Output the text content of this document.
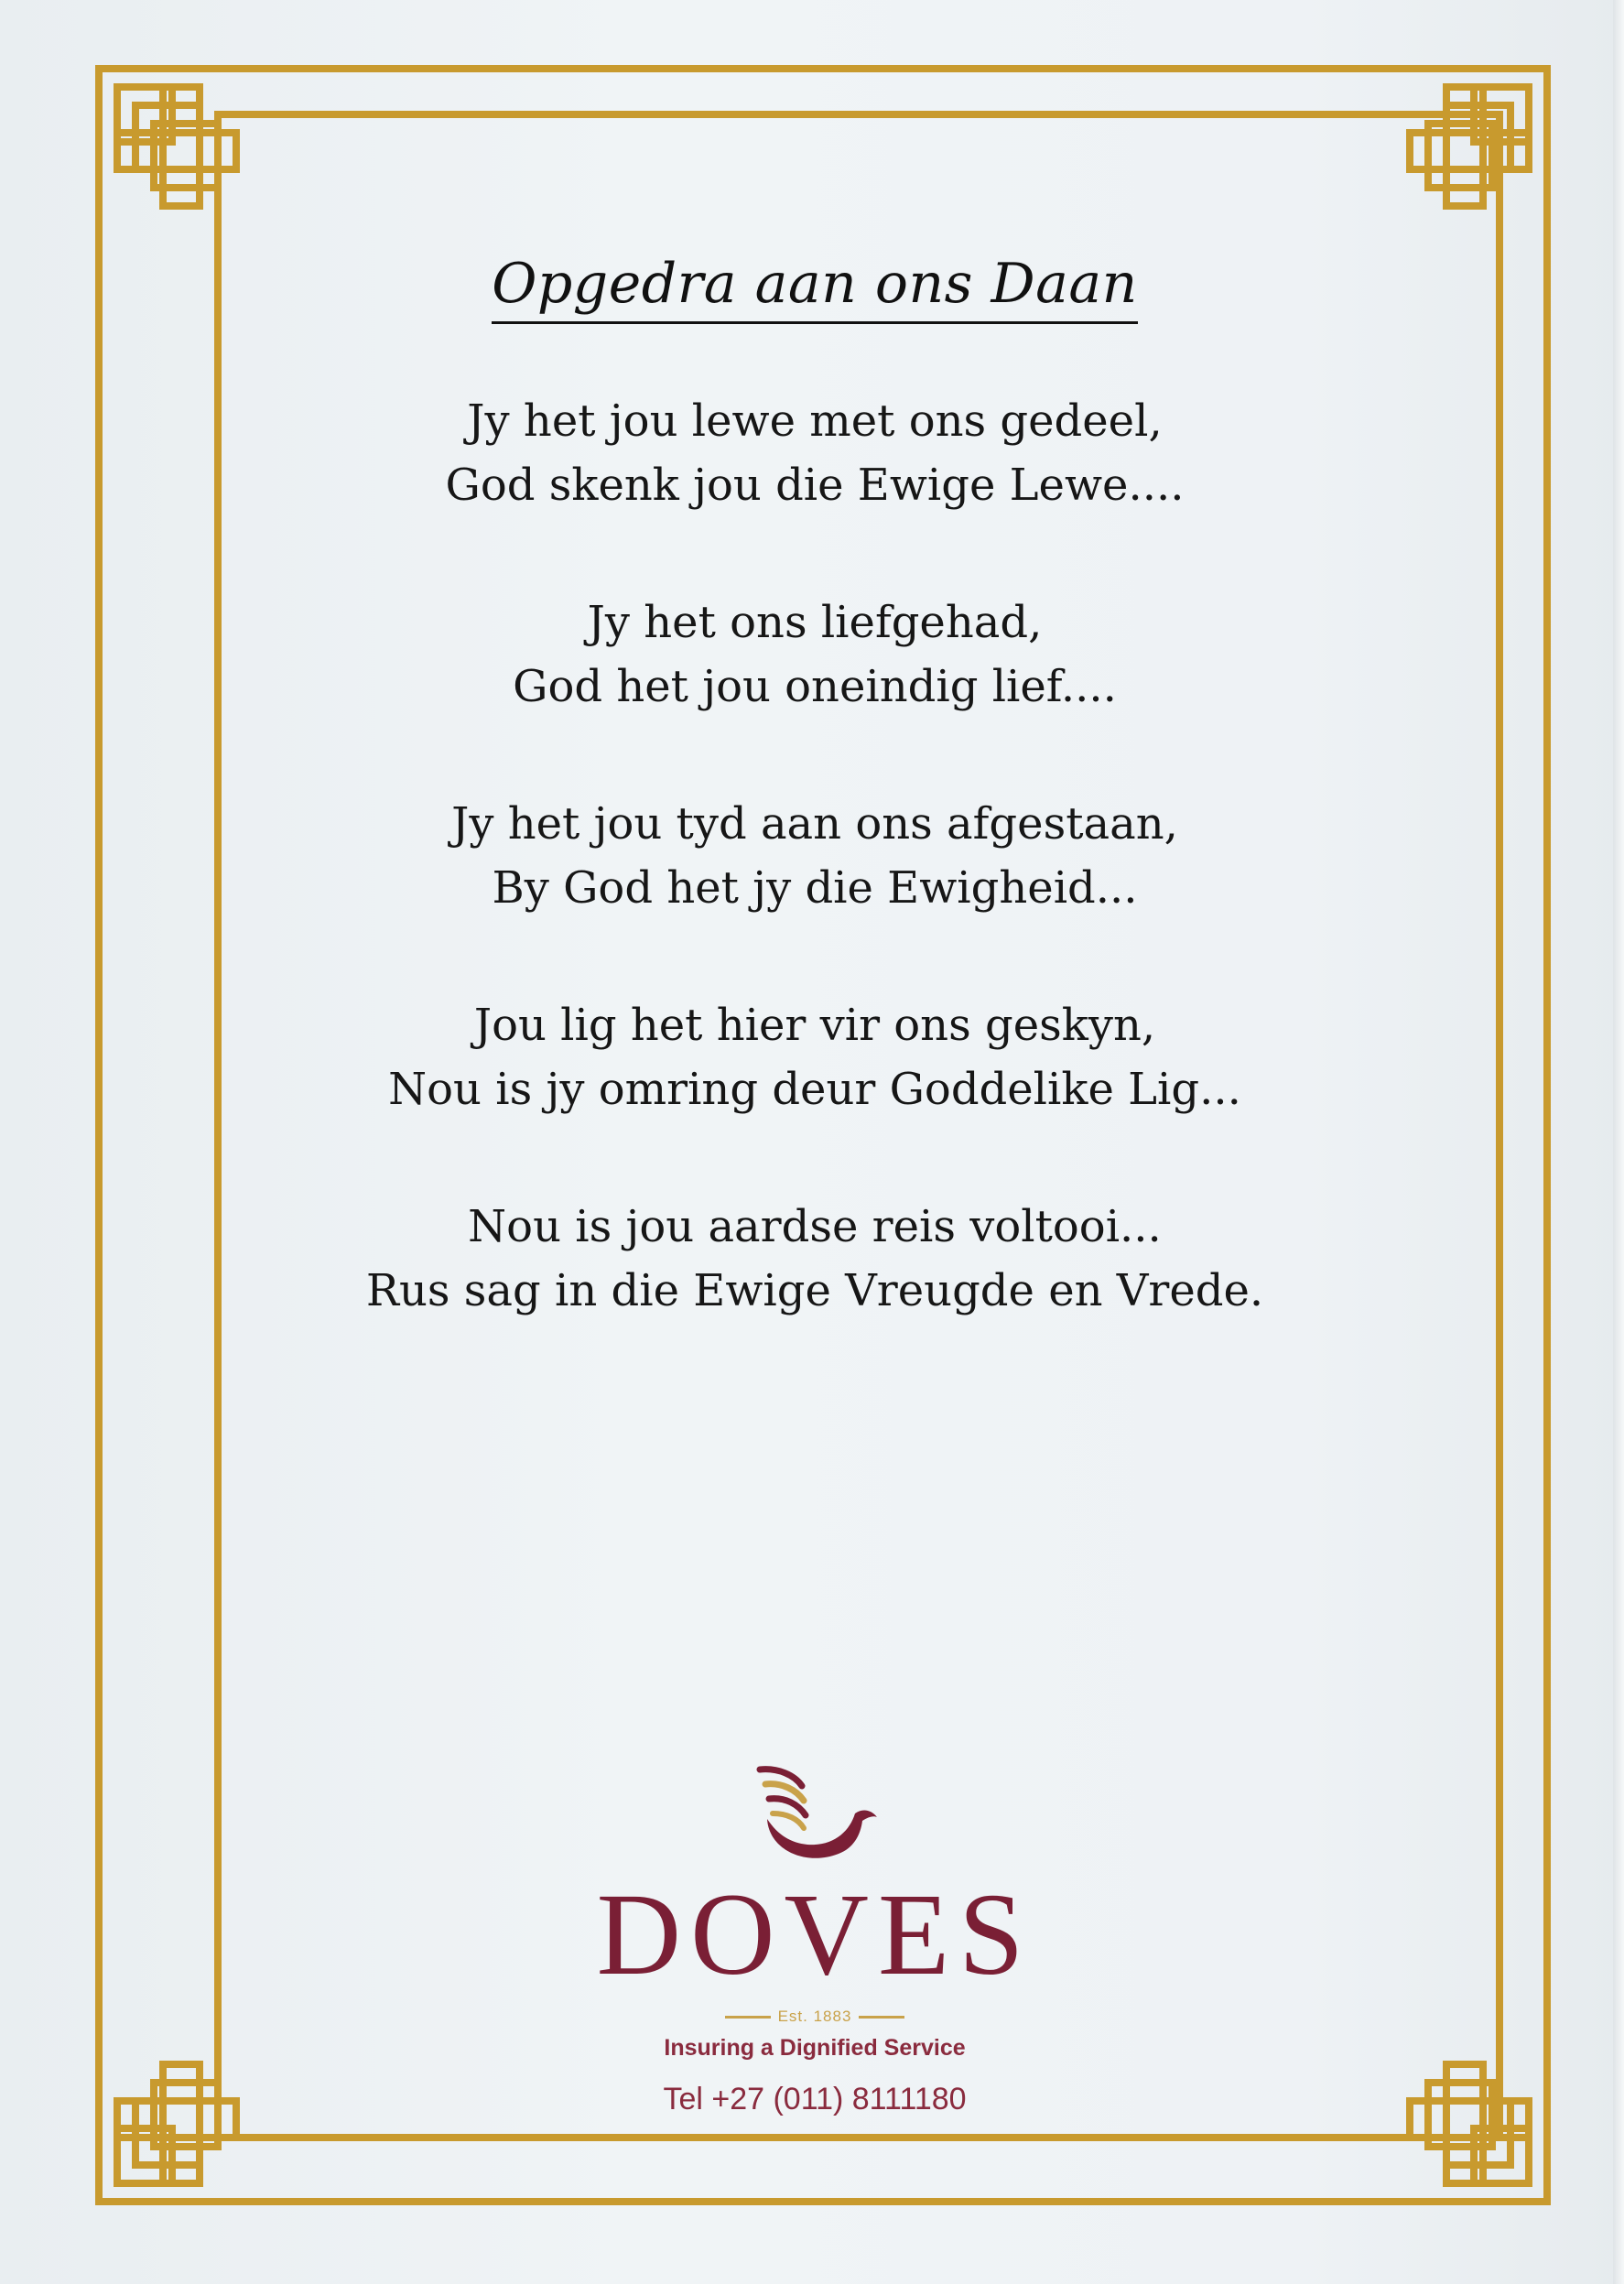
Opgedra aan ons Daan
Jy het jou lewe met ons gedeel,
God skenk jou die Ewige Lewe....
Jy het ons liefgehad,
God het jou oneindig lief....
Jy het jou tyd aan ons afgestaan,
By God het jy die Ewigheid...
Jou lig het hier vir ons geskyn,
Nou is jy omring deur Goddelike Lig...
Nou is jou aardse reis voltooi...
Rus sag in die Ewige Vreugde en Vrede.
DOVES
Est. 1883
Insuring a Dignified Service
Tel +27 (011) 8111180
